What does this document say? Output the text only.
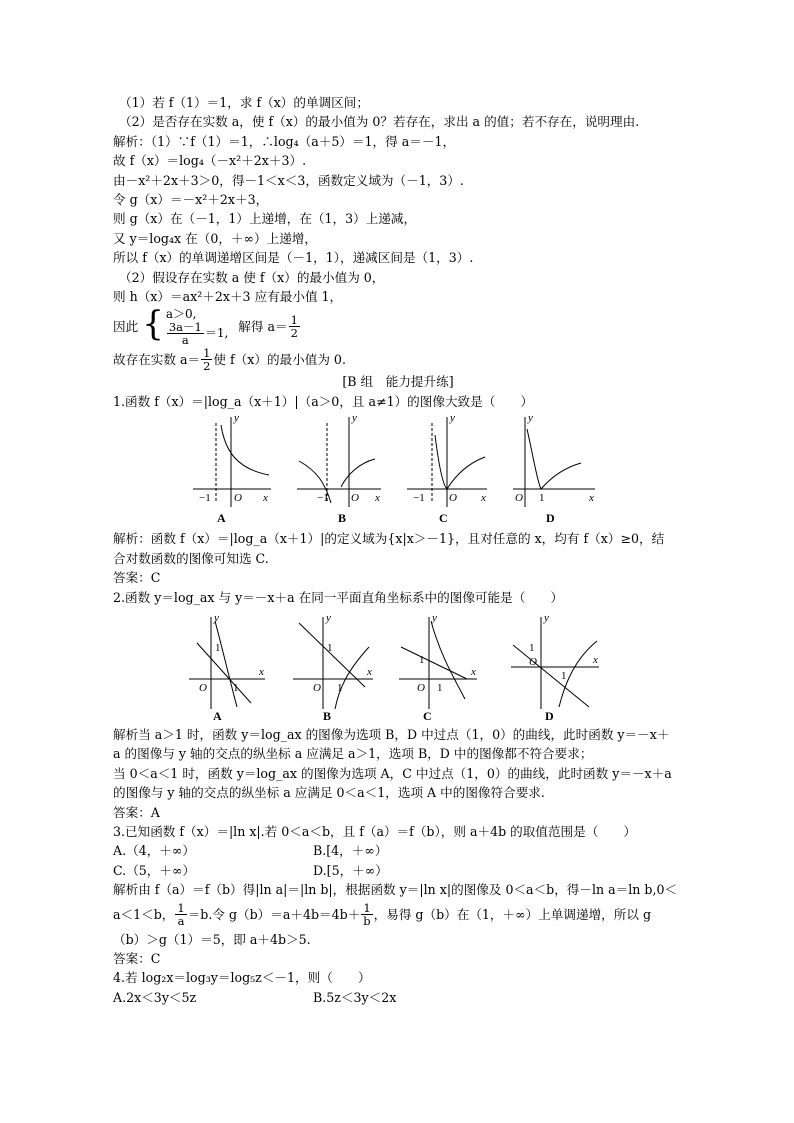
（1）若 f（1）＝1，求 f（x）的单调区间；
（2）是否存在实数 a，使 f（x）的最小值为 0？若存在，求出 a 的值；若不存在，说明理由.
解析：（1）∵f（1）＝1，∴log₄（a＋5）＝1，得 a＝－1，
故 f（x）＝log₄（－x²＋2x＋3）.
由－x²＋2x＋3＞0，得－1＜x＜3，函数定义域为（－1，3）.
令 g（x）＝－x²＋2x＋3，
则 g（x）在（－1，1）上递增，在（1，3）上递减，
又 y＝log₄x 在（0，＋∞）上递增，
所以 f（x）的单调递增区间是（－1，1），递减区间是（1，3）.
（2）假设存在实数 a 使 f（x）的最小值为 0，
则 h（x）＝ax²＋2x＋3 应有最小值 1，
因此 { a＞0,
$\frac{3a-1}{a} =1$, 解得 $a= \frac{1}{2}$
故存在实数 $a= \frac{1}{2}$ 使 f（x）的最小值为 0.
[B 组　能力提升练]
1.函数 f（x）＝|log_a（x＋1）|（a＞0，且 a≠1）的图像大致是（　　）
y
x
O
−1
y
x
O
−1
y
x
O
−1
y
x
O 1
A	B	C	D
解析：函数 f（x）＝|log_a（x＋1）|的定义域为{x|x＞－1}，且对任意的 x，均有 f（x）≥0，结
合对数函数的图像可知选 C.
答案：C
2.函数 y＝log_ax 与 y＝－x＋a 在同一平面直角坐标系中的图像可能是（　　）
y
x
O
1
1
y
x
O
1
1
y
x
O
1
1
y
x
O
1
1
A	B	C	D
解析当 a＞1 时，函数 y＝log_ax 的图像为选项 B，D 中过点（1，0）的曲线，此时函数 y＝－x＋
a 的图像与 y 轴的交点的纵坐标 a 应满足 a＞1，选项 B，D 中的图像都不符合要求；
当 0＜a＜1 时，函数 y＝log_ax 的图像为选项 A，C 中过点（1，0）的曲线，此时函数 y＝－x＋a
的图像与 y 轴的交点的纵坐标 a 应满足 0＜a＜1，选项 A 中的图像符合要求.
答案：A
3.已知函数 f（x）＝|ln x|.若 0＜a＜b，且 f（a）＝f（b），则 a＋4b 的取值范围是（　　）
A.（4，＋∞）	B.[4，＋∞）
C.（5，＋∞）	D.[5，＋∞）
解析由 f（a）＝f（b）得|ln a|＝|ln b|，根据函数 y＝|ln x|的图像及 0＜a＜b，得－ln a＝ln b,0＜
a＜1＜b， $\frac{1}{a} =b$.令 $g(b)=a+4b=4b+ \frac{1}{b}$ ，易得 g（b）在（1，＋∞）上单调递增，所以 g
（b）＞g（1）＝5，即 a＋4b＞5.
答案：C
4.若 log₂x＝log₃y＝log₅z＜－1，则（　　）
A.2x＜3y＜5z	B.5z＜3y＜2x
